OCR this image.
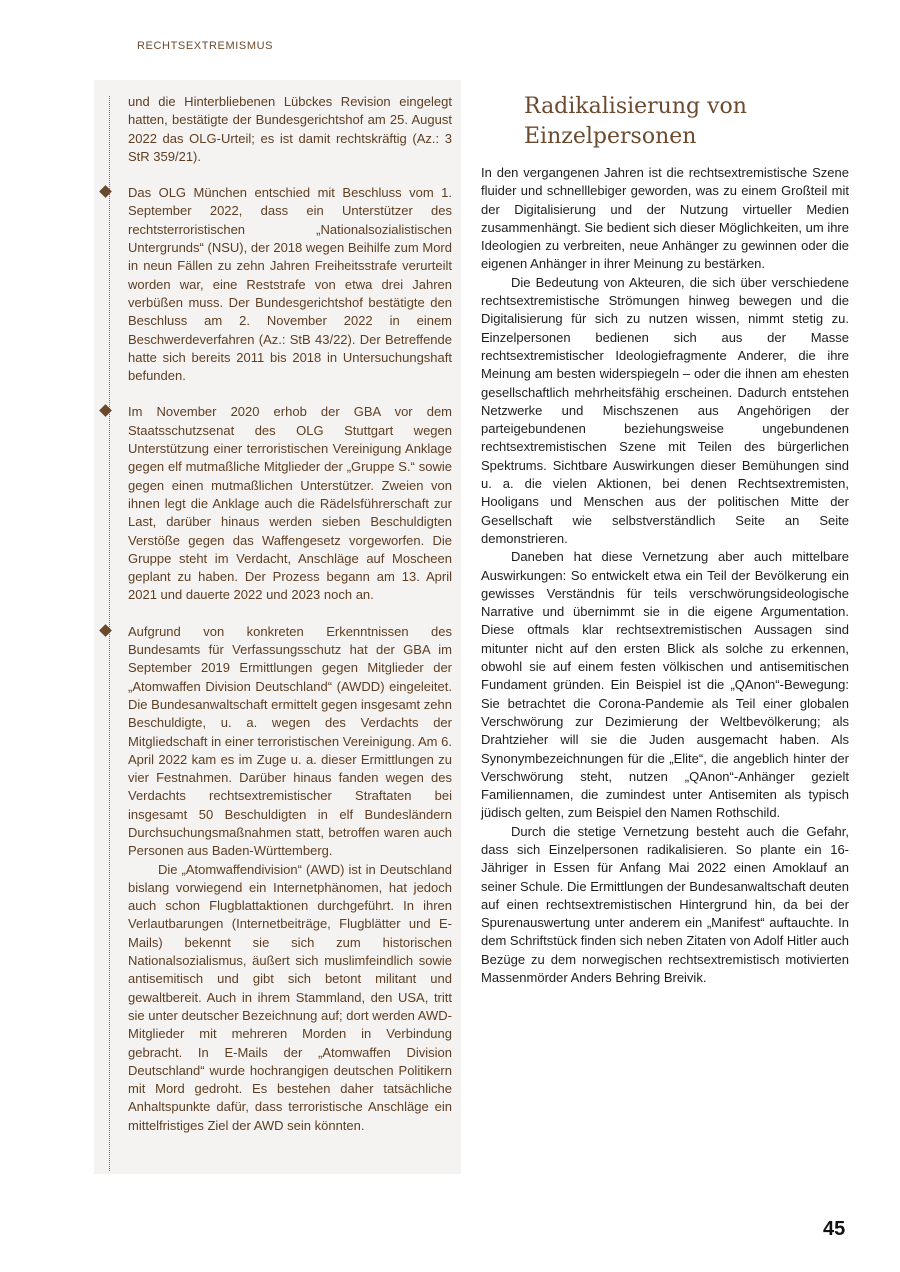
RECHTSEXTREMISMUS

und die Hinterbliebenen Lübckes Revision eingelegt hatten, bestätigte der Bundesgerichtshof am 25. August 2022 das OLG-Urteil; es ist damit rechtskräftig (Az.: 3 StR 359/21).

Das OLG München entschied mit Beschluss vom 1. September 2022, dass ein Unterstützer des rechtsterroristischen „Nationalsozialistischen Untergrunds“ (NSU), der 2018 wegen Beihilfe zum Mord in neun Fällen zu zehn Jahren Freiheitsstrafe verurteilt worden war, eine Reststrafe von etwa drei Jahren verbüßen muss. Der Bundesgerichtshof bestätigte den Beschluss am 2. November 2022 in einem Beschwerdeverfahren (Az.: StB 43/22). Der Betreffende hatte sich bereits 2011 bis 2018 in Untersuchungshaft befunden.

Im November 2020 erhob der GBA vor dem Staatsschutzsenat des OLG Stuttgart wegen Unterstützung einer terroristischen Vereinigung Anklage gegen elf mutmaßliche Mitglieder der „Gruppe S.“ sowie gegen einen mutmaßlichen Unterstützer. Zweien von ihnen legt die Anklage auch die Rädelsführerschaft zur Last, darüber hinaus werden sieben Beschuldigten Verstöße gegen das Waffengesetz vorgeworfen. Die Gruppe steht im Verdacht, Anschläge auf Moscheen geplant zu haben. Der Prozess begann am 13. April 2021 und dauerte 2022 und 2023 noch an.

Aufgrund von konkreten Erkenntnissen des Bundesamts für Verfassungsschutz hat der GBA im September 2019 Ermittlungen gegen Mitglieder der „Atomwaffen Division Deutschland“ (AWDD) eingeleitet. Die Bundesanwaltschaft ermittelt gegen insgesamt zehn Beschuldigte, u. a. wegen des Verdachts der Mitgliedschaft in einer terroristischen Vereinigung. Am 6. April 2022 kam es im Zuge u. a. dieser Ermittlungen zu vier Festnahmen. Darüber hinaus fanden wegen des Verdachts rechtsextremistischer Straftaten bei insgesamt 50 Beschuldigten in elf Bundesländern Durchsuchungsmaßnahmen statt, betroffen waren auch Personen aus Baden-Württemberg.

Die „Atomwaffendivision“ (AWD) ist in Deutschland bislang vorwiegend ein Internetphänomen, hat jedoch auch schon Flugblattaktionen durchgeführt. In ihren Verlautbarungen (Internetbeiträge, Flugblätter und E-Mails) bekennt sie sich zum historischen Nationalsozialismus, äußert sich muslimfeindlich sowie antisemitisch und gibt sich betont militant und gewaltbereit. Auch in ihrem Stammland, den USA, tritt sie unter deutscher Bezeichnung auf; dort werden AWD-Mitglieder mit mehreren Morden in Verbindung gebracht. In E-Mails der „Atomwaffen Division Deutschland“ wurde hochrangigen deutschen Politikern mit Mord gedroht. Es bestehen daher tatsächliche Anhaltspunkte dafür, dass terroristische Anschläge ein mittelfristiges Ziel der AWD sein könnten.

Radikalisierung von Einzelpersonen

In den vergangenen Jahren ist die rechtsextremistische Szene fluider und schnelllebiger geworden, was zu einem Großteil mit der Digitalisierung und der Nutzung virtueller Medien zusammenhängt. Sie bedient sich dieser Möglichkeiten, um ihre Ideologien zu verbreiten, neue Anhänger zu gewinnen oder die eigenen Anhänger in ihrer Meinung zu bestärken.

Die Bedeutung von Akteuren, die sich über verschiedene rechtsextremistische Strömungen hinweg bewegen und die Digitalisierung für sich zu nutzen wissen, nimmt stetig zu. Einzelpersonen bedienen sich aus der Masse rechtsextremistischer Ideologiefragmente Anderer, die ihre Meinung am besten widerspiegeln – oder die ihnen am ehesten gesellschaftlich mehrheitsfähig erscheinen. Dadurch entstehen Netzwerke und Mischszenen aus Angehörigen der parteigebundenen beziehungsweise ungebundenen rechtsextremistischen Szene mit Teilen des bürgerlichen Spektrums. Sichtbare Auswirkungen dieser Bemühungen sind u. a. die vielen Aktionen, bei denen Rechtsextremisten, Hooligans und Menschen aus der politischen Mitte der Gesellschaft wie selbstverständlich Seite an Seite demonstrieren.

Daneben hat diese Vernetzung aber auch mittelbare Auswirkungen: So entwickelt etwa ein Teil der Bevölkerung ein gewisses Verständnis für teils verschwörungsideologische Narrative und übernimmt sie in die eigene Argumentation. Diese oftmals klar rechtsextremistischen Aussagen sind mitunter nicht auf den ersten Blick als solche zu erkennen, obwohl sie auf einem festen völkischen und antisemitischen Fundament gründen. Ein Beispiel ist die „QAnon“-Bewegung: Sie betrachtet die Corona-Pandemie als Teil einer globalen Verschwörung zur Dezimierung der Weltbevölkerung; als Drahtzieher will sie die Juden ausgemacht haben. Als Synonymbezeichnungen für die „Elite“, die angeblich hinter der Verschwörung steht, nutzen „QAnon“-Anhänger gezielt Familiennamen, die zumindest unter Antisemiten als typisch jüdisch gelten, zum Beispiel den Namen Rothschild.

Durch die stetige Vernetzung besteht auch die Gefahr, dass sich Einzelpersonen radikalisieren. So plante ein 16-Jähriger in Essen für Anfang Mai 2022 einen Amoklauf an seiner Schule. Die Ermittlungen der Bundesanwaltschaft deuten auf einen rechtsextremistischen Hintergrund hin, da bei der Spurenauswertung unter anderem ein „Manifest“ auftauchte. In dem Schriftstück finden sich neben Zitaten von Adolf Hitler auch Bezüge zu dem norwegischen rechtsextremistisch motivierten Massenmörder Anders Behring Breivik.

45
